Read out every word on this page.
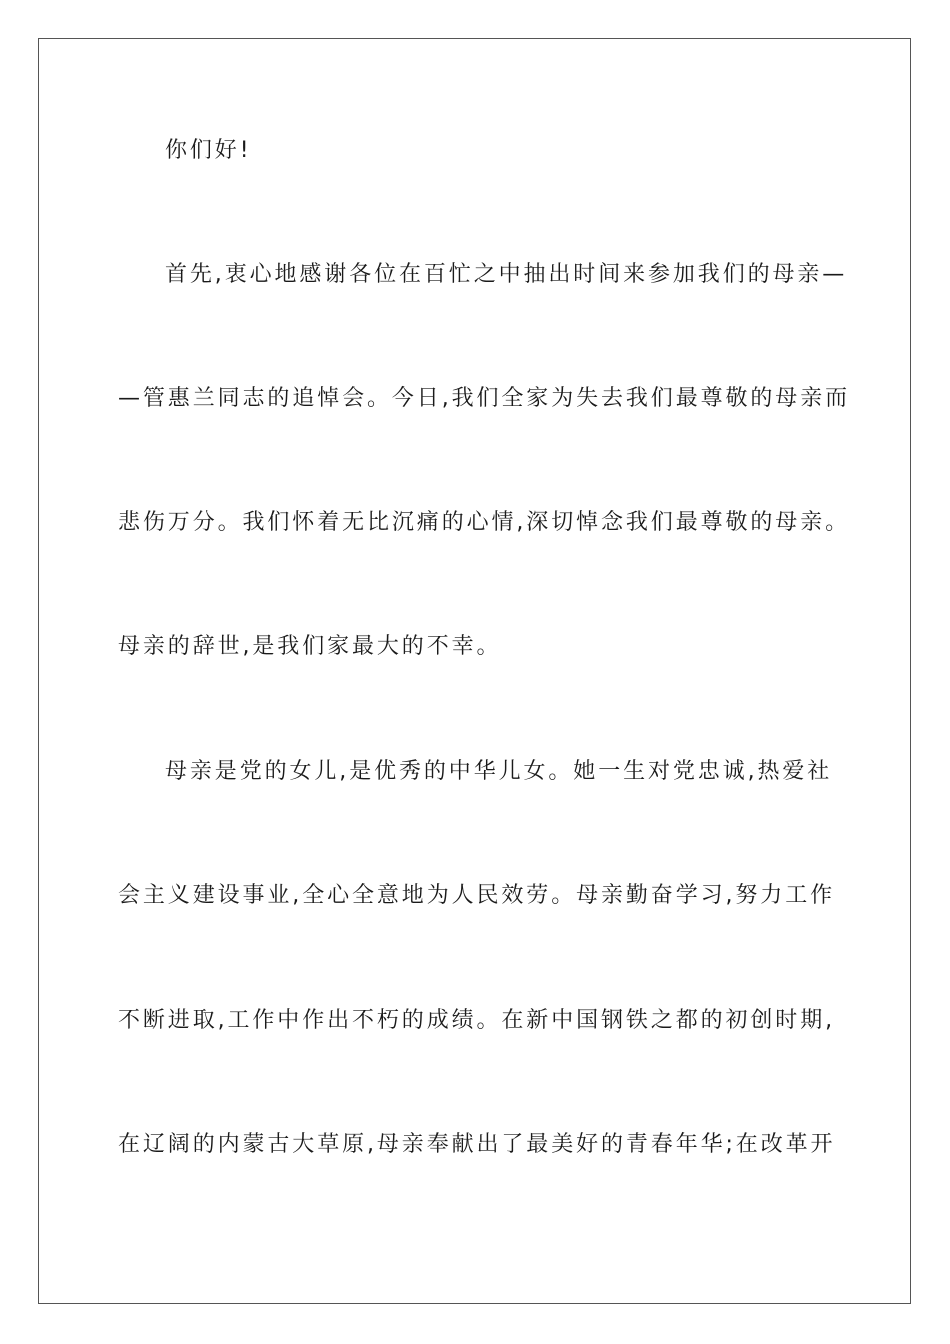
你们好!
首先,衷心地感谢各位在百忙之中抽出时间来参加我们的母亲—
—管惠兰同志的追悼会。今日,我们全家为失去我们最尊敬的母亲而
悲伤万分。我们怀着无比沉痛的心情,深切悼念我们最尊敬的母亲。
母亲的辞世,是我们家最大的不幸。
母亲是党的女儿,是优秀的中华儿女。她一生对党忠诚,热爱社
会主义建设事业,全心全意地为人民效劳。母亲勤奋学习,努力工作
不断进取,工作中作出不朽的成绩。在新中国钢铁之都的初创时期,
在辽阔的内蒙古大草原,母亲奉献出了最美好的青春年华;在改革开
